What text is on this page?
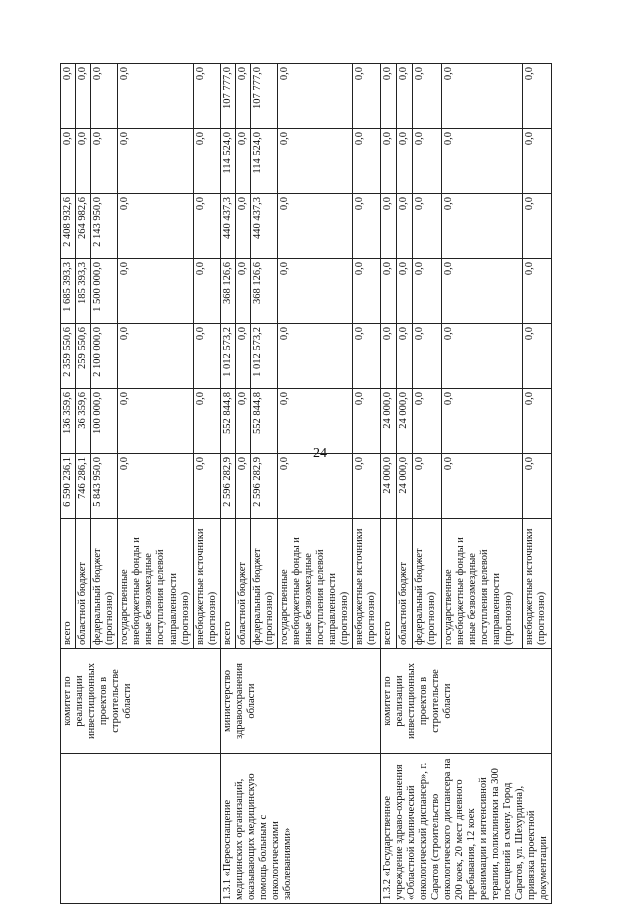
24
	комитет по реализации инвестиционных проектов в строительстве области	всего	6 590 236,1	136 359,6	2 359 550,6	1 685 393,3	2 408 932,6	0,0	0,0
		областной бюджет	746 286,1	36 359,6	259 550,6	185 393,3	264 982,6	0,0	0,0
		федеральный бюджет (прогнозно)	5 843 950,0	100 000,0	2 100 000,0	1 500 000,0	2 143 950,0	0,0	0,0
		государственные внебюджетные фонды и иные безвозмездные поступления целевой направленности (прогнозно)	0,0	0,0	0,0	0,0	0,0	0,0	0,0
		внебюджетные источники (прогнозно)	0,0	0,0	0,0	0,0	0,0	0,0	0,0
1.3.1 «Переоснащение медицинских организаций, оказывающих медицинскую помощь больным с онкологическими заболеваниями»	министерство здравоохранения области	всего	2 596 282,9	552 844,8	1 012 573,2	368 126,6	440 437,3	114 524,0	107 777,0
		областной бюджет	0,0	0,0	0,0	0,0	0,0	0,0	0,0
		федеральный бюджет (прогнозно)	2 596 282,9	552 844,8	1 012 573,2	368 126,6	440 437,3	114 524,0	107 777,0
		государственные внебюджетные фонды и иные безвозмездные поступления целевой направленности (прогнозно)	0,0	0,0	0,0	0,0	0,0	0,0	0,0
		внебюджетные источники (прогнозно)	0,0	0,0	0,0	0,0	0,0	0,0	0,0
1.3.2 «Государственное учреждение здраво-охранения «Областной клинический онкологический диспансер», г. Саратов (строительство онкологического диспансера на 200 коек, 20 мест дневного пребывания, 12 коек реанимации и интенсивной терапии, поликлиники на 300 посещений в смену. Город Саратов, ул. Шехурдина), привязка проектной документации	комитет по реализации инвестиционных проектов в строительстве области	всего	24 000,0	24 000,0	0,0	0,0	0,0	0,0	0,0
		областной бюджет	24 000,0	24 000,0	0,0	0,0	0,0	0,0	0,0
		федеральный бюджет (прогнозно)	0,0	0,0	0,0	0,0	0,0	0,0	0,0
		государственные внебюджетные фонды и иные безвозмездные поступления целевой направленности (прогнозно)	0,0	0,0	0,0	0,0	0,0	0,0	0,0
		внебюджетные источники (прогнозно)	0,0	0,0	0,0	0,0	0,0	0,0	0,0
